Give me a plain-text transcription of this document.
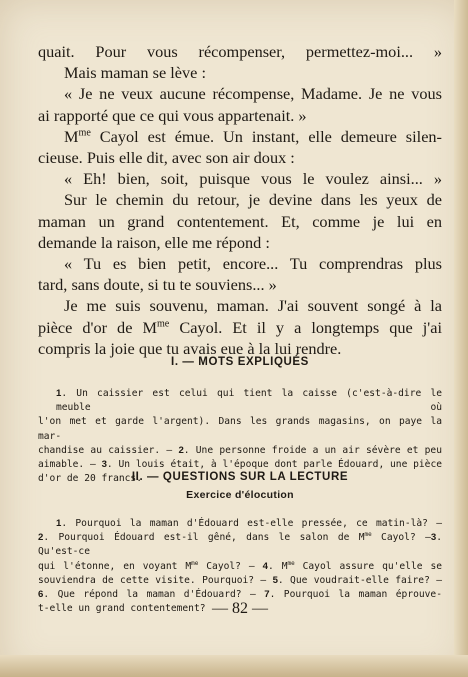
quait. Pour vous récompenser, permettez-moi... »

Mais maman se lève :

« Je ne veux aucune récompense, Madame. Je ne vous

ai rapporté que ce qui vous appartenait. »

$M^{me}$ Cayol est émue. Un instant, elle demeure silen-

cieuse. Puis elle dit, avec son air doux :

« Eh! bien, soit, puisque vous le voulez ainsi... »

Sur le chemin du retour, je devine dans les yeux de

maman un grand contentement. Et, comme je lui en

demande la raison, elle me répond :

« Tu es bien petit, encore... Tu comprendras plus

tard, sans doute, si tu te souviens... »

Je me suis souvenu, maman. J'ai souvent songé à la

pièce d'or de $M^{me}$ Cayol. Et il y a longtemps que j'ai

compris la joie que tu avais eue à la lui rendre.

I. — MOTS EXPLIQUÉS

1. Un caissier est celui qui tient la caisse (c'est-à-dire le meuble où
l'on met et garde l'argent). Dans les grands magasins, on paye la mar-
chandise au caissier. — 2. Une personne froide a un air sévère et peu
aimable. — 3. Un louis était, à l'époque dont parle Édouard, une pièce
d'or de 20 francs.

II. — QUESTIONS SUR LA LECTURE
Exercice d'élocution

1. Pourquoi la maman d'Édouard est-elle pressée, ce matin-là? —
2. Pourquoi Édouard est-il gêné, dans le salon de $M^{me}$ Cayol? —3. Qu'est-ce
qui l'étonne, en voyant $M^{me}$ Cayol? — 4. $M^{me}$ Cayol assure qu'elle se
souviendra de cette visite. Pourquoi? — 5. Que voudrait-elle faire? —
6. Que répond la maman d'Édouard? — 7. Pourquoi la maman éprouve-
t-elle un grand contentement? — 82 —
